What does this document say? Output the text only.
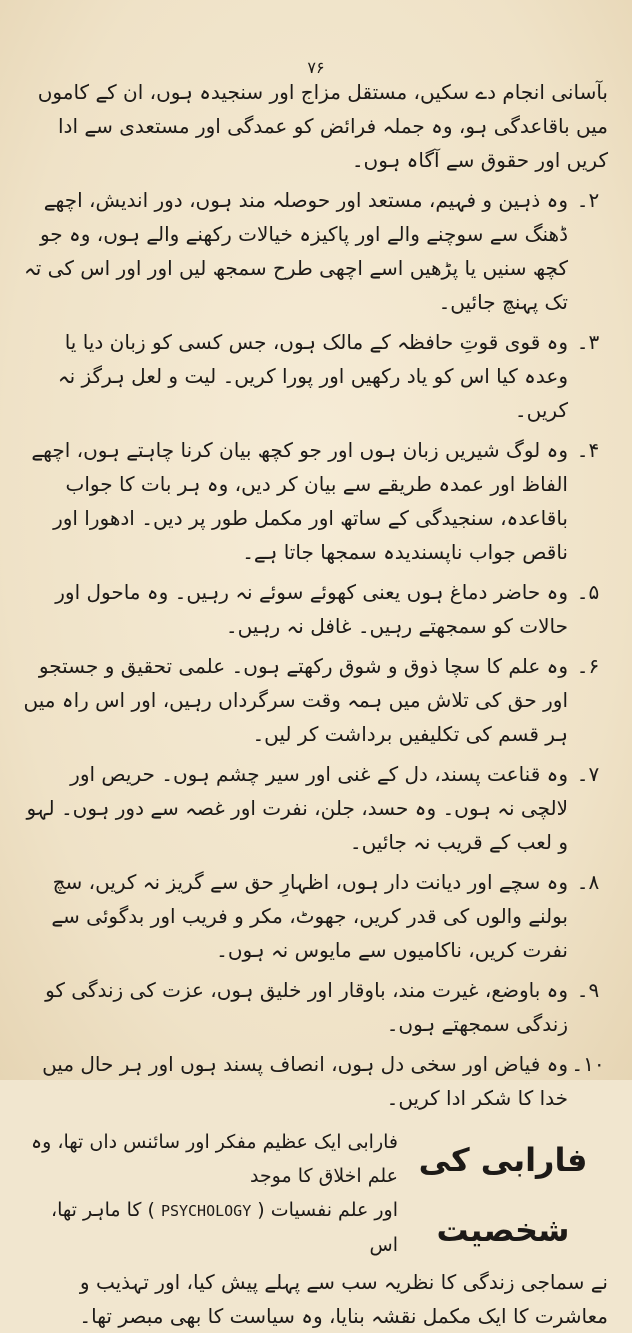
۷۶

بآسانی انجام دے سکیں، مستقل مزاج اور سنجیدہ ہوں، ان کے کاموں میں باقاعدگی ہو، وہ جملہ فرائض کو عمدگی اور مستعدی سے ادا کریں اور حقوق سے آگاہ ہوں۔

۲۔
وہ ذہین و فہیم، مستعد اور حوصلہ مند ہوں، دور اندیش، اچھے ڈھنگ سے سوچنے والے اور پاکیزہ خیالات رکھنے والے ہوں، وہ جو کچھ سنیں یا پڑھیں اسے اچھی طرح سمجھ لیں اور اور اس کی تہ تک پہنچ جائیں۔
۳۔
وہ قوی قوتِ حافظہ کے مالک ہوں، جس کسی کو زبان دیا یا وعدہ کیا اس کو یاد رکھیں اور پورا کریں۔ لیت و لعل ہرگز نہ کریں۔
۴۔
وہ لوگ شیریں زبان ہوں اور جو کچھ بیان کرنا چاہتے ہوں، اچھے الفاظ اور عمدہ طریقے سے بیان کر دیں، وہ ہر بات کا جواب باقاعدہ، سنجیدگی کے ساتھ اور مکمل طور پر دیں۔ ادھورا اور ناقص جواب ناپسندیدہ سمجھا جاتا ہے۔
۵۔
وہ حاضر دماغ ہوں یعنی کھوئے سوئے نہ رہیں۔ وہ ماحول اور حالات کو سمجھتے رہیں۔ غافل نہ رہیں۔
۶۔
وہ علم کا سچا ذوق و شوق رکھتے ہوں۔ علمی تحقیق و جستجو اور حق کی تلاش میں ہمہ وقت سرگرداں رہیں، اور اس راہ میں ہر قسم کی تکلیفیں برداشت کر لیں۔
۷۔
وہ قناعت پسند، دل کے غنی اور سیر چشم ہوں۔ حریص اور لالچی نہ ہوں۔ وہ حسد، جلن، نفرت اور غصہ سے دور ہوں۔ لہو و لعب کے قریب نہ جائیں۔
۸۔
وہ سچے اور دیانت دار ہوں، اظہارِ حق سے گریز نہ کریں، سچ بولنے والوں کی قدر کریں، جھوٹ، مکر و فریب اور بدگوئی سے نفرت کریں، ناکامیوں سے مایوس نہ ہوں۔
۹۔
وہ باوضع، غیرت مند، باوقار اور خلیق ہوں، عزت کی زندگی کو زندگی سمجھتے ہوں۔
۱۰۔
وہ فیاض اور سخی دل ہوں، انصاف پسند ہوں اور ہر حال میں خدا کا شکر ادا کریں۔
فارابی کی شخصیت
فارابی ایک عظیم مفکر اور سائنس داں تھا، وہ علم اخلاق کا موجد
اور علم نفسیات ( PSYCHOLOGY ) کا ماہر تھا، اس
نے سماجی زندگی کا نظریہ سب سے پہلے پیش کیا، اور تہذیب و معاشرت کا ایک مکمل نقشہ بنایا، وہ سیاست کا بھی مبصر تھا۔
